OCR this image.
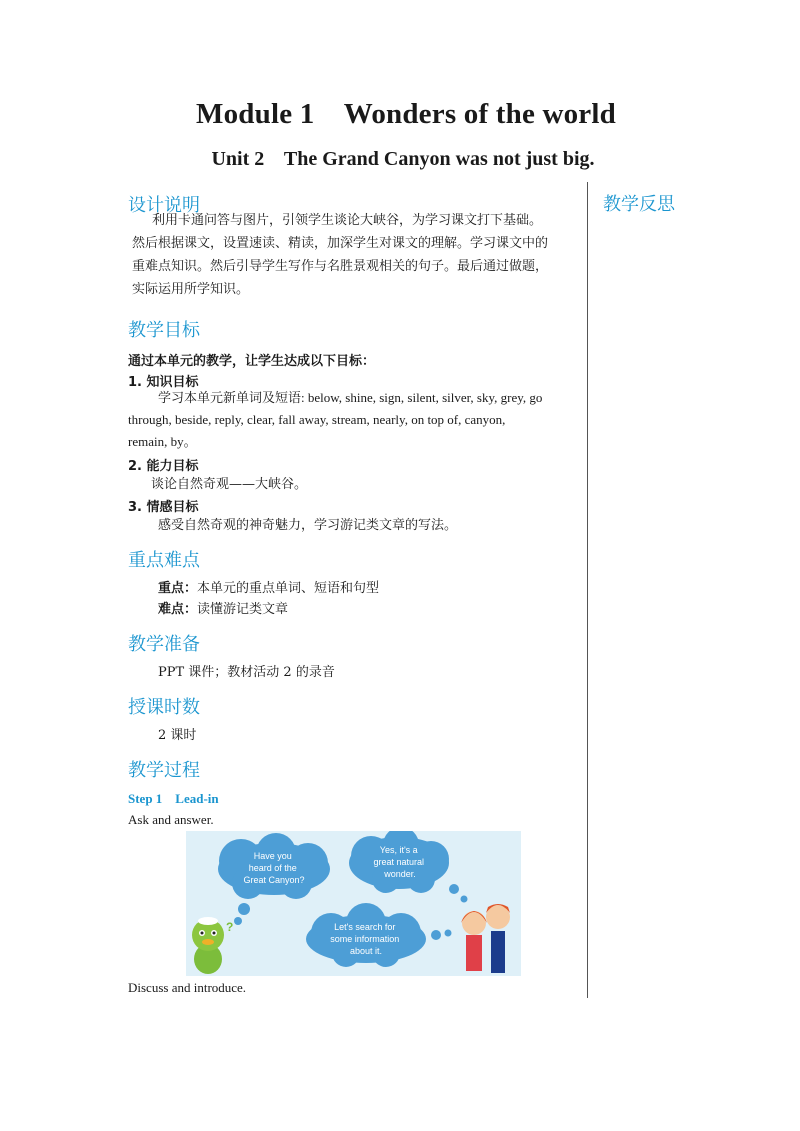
Module 1    Wonders of the world
Unit 2    The Grand Canyon was not just big.
教学反思
设计说明
利用卡通问答与图片，引领学生谈论大峡谷，为学习课文打下基础。
然后根据课文，设置速读、精读，加深学生对课文的理解。学习课文中的
重难点知识。然后引导学生写作与名胜景观相关的句子。最后通过做题，
实际运用所学知识。
教学目标
通过本单元的教学，让学生达成以下目标：
1. 知识目标
学习本单元新单词及短语: below, shine, sign, silent, silver, sky, grey, go
through, beside, reply, clear, fall away, stream, nearly, on top of, canyon,
remain, by。
2. 能力目标
谈论自然奇观——大峡谷。
3. 情感目标
感受自然奇观的神奇魅力，学习游记类文章的写法。
重点难点
重点：本单元的重点单词、短语和句型
难点：读懂游记类文章
教学准备
PPT 课件；教材活动 2 的录音
授课时数
2 课时
教学过程
Step 1    Lead-in
Ask and answer.
Have you heard of the Great Canyon?
Yes, it's a great natural wonder.
Let's search for some information about it.
?
Discuss and introduce.
